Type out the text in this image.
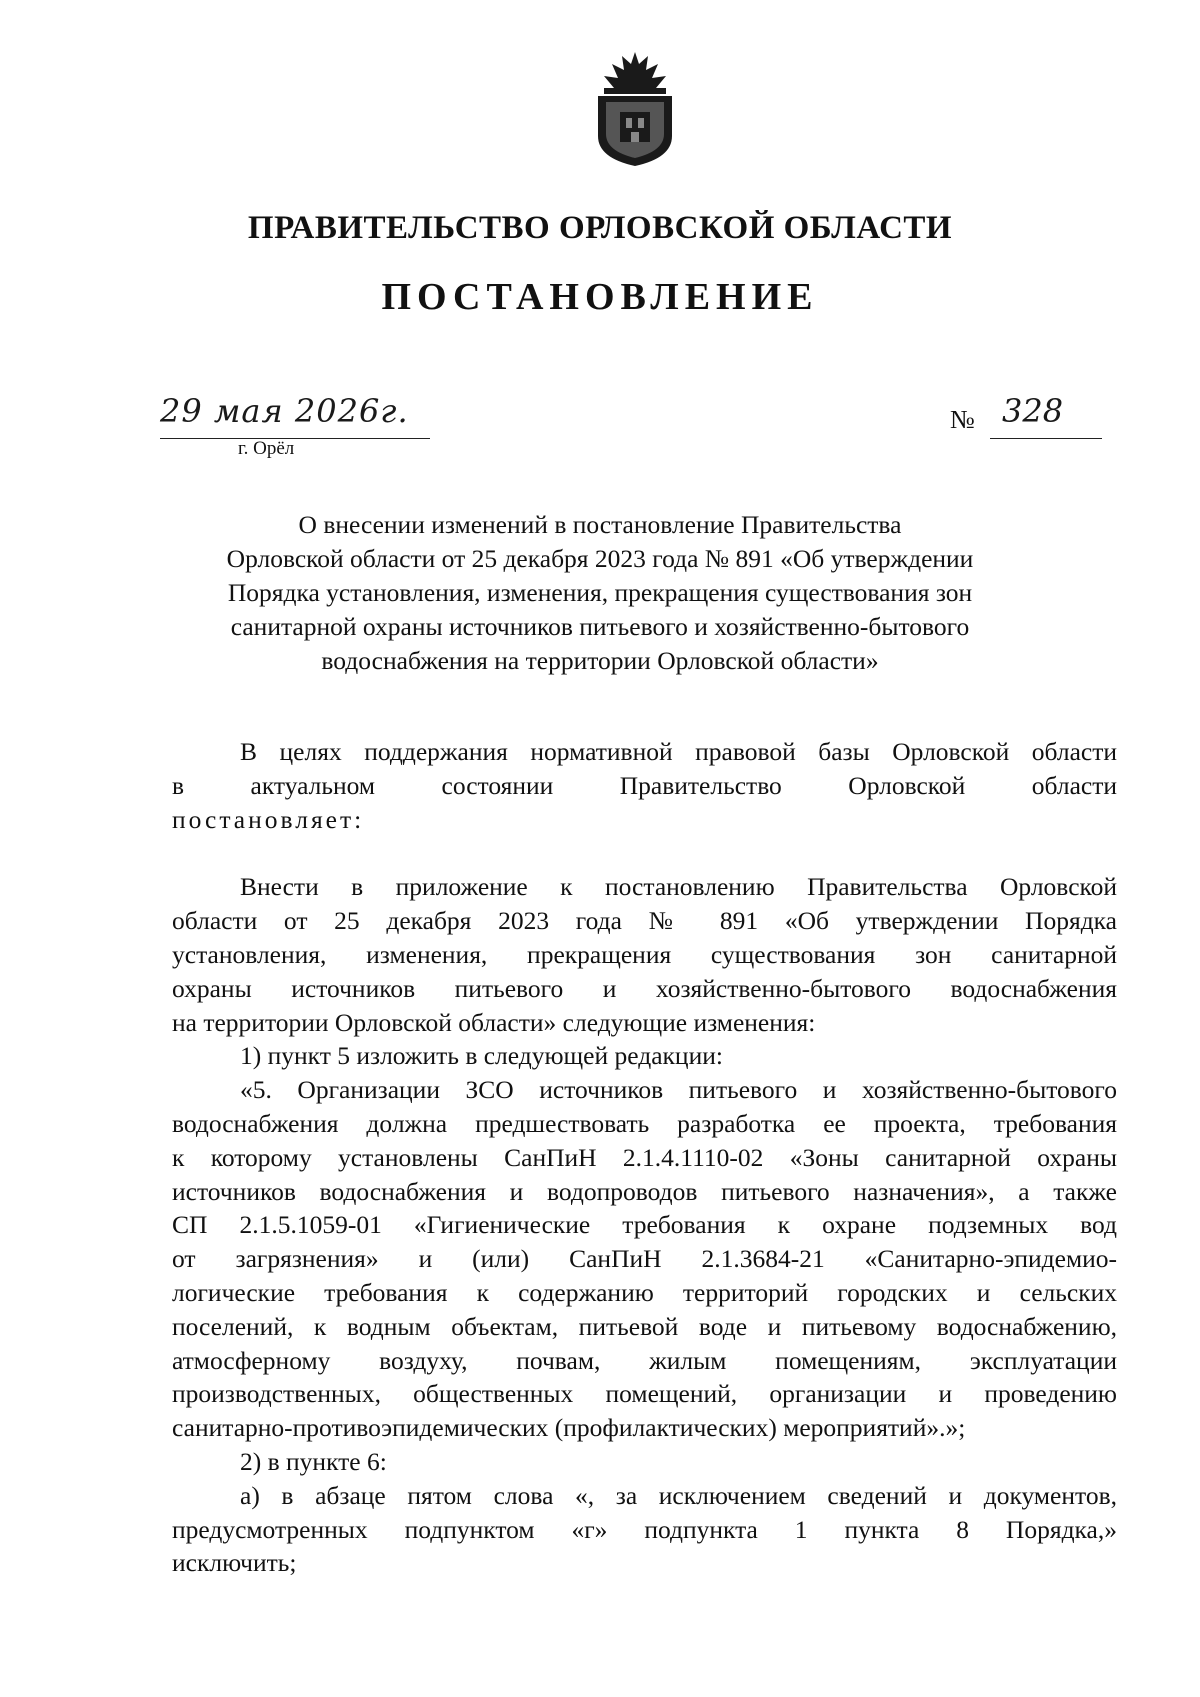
ПРАВИТЕЛЬСТВО ОРЛОВСКОЙ ОБЛАСТИ
ПОСТАНОВЛЕНИЕ
29 мая 2026г.
г. Орёл
№ 328
О внесении изменений в постановление Правительства
Орловской области от 25 декабря 2023 года № 891 «Об утверждении
Порядка установления, изменения, прекращения существования зон
санитарной охраны источников питьевого и хозяйственно-бытового
водоснабжения на территории Орловской области»
В целях поддержания нормативной правовой базы Орловской области
в актуальном состоянии Правительство Орловской области
постановляет:
Внести в приложение к постановлению Правительства Орловской
области от 25 декабря 2023 года № 891 «Об утверждении Порядка
установления, изменения, прекращения существования зон санитарной
охраны источников питьевого и хозяйственно-бытового водоснабжения
на территории Орловской области» следующие изменения:
1) пункт 5 изложить в следующей редакции:
«5. Организации ЗСО источников питьевого и хозяйственно-бытового
водоснабжения должна предшествовать разработка ее проекта, требования
к которому установлены СанПиН 2.1.4.1110-02 «Зоны санитарной охраны
источников водоснабжения и водопроводов питьевого назначения», а также
СП 2.1.5.1059-01 «Гигиенические требования к охране подземных вод
от загрязнения» и (или) СанПиН 2.1.3684-21 «Санитарно-эпидемио-
логические требования к содержанию территорий городских и сельских
поселений, к водным объектам, питьевой воде и питьевому водоснабжению,
атмосферному воздуху, почвам, жилым помещениям, эксплуатации
производственных, общественных помещений, организации и проведению
санитарно-противоэпидемических (профилактических) мероприятий».»;
2) в пункте 6:
а) в абзаце пятом слова «, за исключением сведений и документов,
предусмотренных подпунктом «г» подпункта 1 пункта 8 Порядка,»
исключить;
